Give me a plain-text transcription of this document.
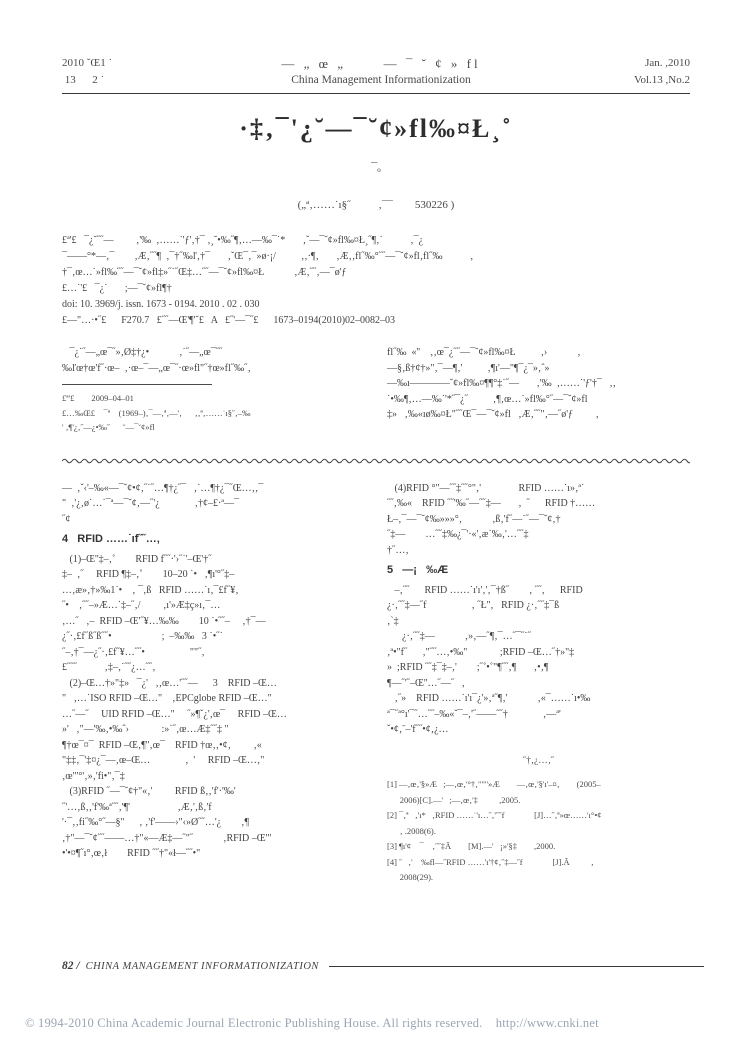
2010 ˇŒ1 ˙
13      2 ˙
— „ œ „      — ¯ ˘ ¢ » fl
China Management Informationization
Jan. ,2010
Vol.13 ,No.2
·‡‚¯'¿˘—¯˘¢»fl‰¤Ł¸˚
¯ₒ
(„ª‚……˙ı§˝          ‚¯¯        530226 )
£ª'£   ¯¿˘˝˝—         ‚'‰  ‚……˙'ƒ'‚†¯ ‚¸˘•‰˝¶‚…—‰¯˙*       ‚ˇ—¯˘¢»fl‰¤Ł¸˝¶‚˙           ‚¯¿
¯——°*—‚¯        ‚Æ‚˝˝¶  ‚¯†˝‰ľ‚†¯       ‚ˇŒ¯‚¯»ø·¡/          ‚‚·¶‚       ‚Æ‚‚fl˝‰°˝˝—¯˘¢»fl‚fl˝‰           ‚
†¯‚œ…˙»fl‰˝˝—¯˘¢»fl‡»˝˙˝Œ‡…˝˝—¯˘¢»fl‰¤Ł            ‚Æ‚˝˝‚—¯ø'ƒ
£…˙'£   ¯¿˙       ;—¯˘¢»fl¶†
doi: 10. 3969/j. issn. 1673 - 0194. 2010 . 02 . 030
£—"…·•˝£      F270.7   £˝˝—Œ'¶'˘£   A   £˝'—¯˝£      1673–0194(2010)02–0082–03
¯¿˙˝—„œ¯˝»‚Ø‡†¿•            ‚˙˝—„œ¯˝˝
‰ľœ†œ'f˝·œ–  ‚·œ–¯—„œ¯˝·œ»fl"˝†œ»fl˝‰˝‚
£ª'£        2009–04–01
£…‰Œ£    ¯ª    (1969–)‚¯—‚ª‚—'‚      ‚‚ª‚……˙ı§˝‚–‰
' ‚¶'¿‚˝—¿•‰˝      ˘—¯˘¢»fl
fl˝‰  «''    ‚‚œ¯¿˝˝—¯˘¢»fl‰¤Ł          ‚›            ‚
—§‚ß†¢†»"‚¯—¶‚'          ‚¶ı'—"¶¯¿¯»‚ˆ»
—‰ı————˘¢»fl‰¤¶¶°‡˙˝—       ‚'‰  ‚……˙'ƒ'†¯   ‚‚
˙•‰¶‚…—‰˙'*˝¯¿˝          ‚¶‚œ…˙»fl‰°˝—¯˘¢»fl
‡»   ‚‰«ıø‰¤Ł"˝˝Œ¯—¯˘¢»fl   ‚Æ‚˝˝"‚—˝ø'ƒ         ‚
—  ‚ˇ‹'–‰«—¯˘¢•¢‚˝˙˝…¶†¿˝¯   ‚˙…¶†¿¯˝Œ…‚‚¯
"  ‚'¿‚ø˙…˙¯ª—¯˘¢‚—˝'¿              ‚†¢–£·ª—¯
˝¢
4   RFID ……˙ıf˝˝…‚
(1)–Œ''‡–‚˚        RFID f˝˝·'›˝˙'–Œ'†˝
‡–  ‚˝     RFID ¶‡–‚˚        10–20 ˙•   ‚¶ı'°˝‡–
…‚æ»‚†»‰1˙•    ‚ ¯‚ß   RFID ……˙ı‚¯£f˝¥‚
˝•    ‚˝˝–»Æ…˙‡–˝‚/         ‚ı'»Æ‡ç»ı‚¯…
‚…˝   ‚–  RFID –Œ'˝¥…‰‰        10 ˙•˝˝–     ‚†¯—
¿˝·‚£f˝ß˝ß˝˝•                    ;  –‰‰   3 ˙•˝˙
˝–‚†¯—¿˝·‚£f˝¥…˝˝•                  ""˝‚
£˝˝˝           ‚‡–‚˙˝˝¿…˝˝‚
(2)–Œ…†»"‡»   ¯¿'   ‚‚œ…'˝˝—      3    RFID –Œ…
"   ‚…˙ISO RFID –Œ…"    ‚EPCglobe RFID –Œ…"
…˝—˝     UID RFID –Œ…"     ˝»¶ˇ¿'‚œ¯     RFID –Œ…
»'   ‚"—'‰‚•‰ˆ›             :»˙˝‚œ…Æ‡˝˝‡ "
¶†œ¯¤¯  RFID –Œ‚¶''‚œ¯    RFID †œ‚‚•¢‚         ‚«
"‡‡‚¯'‡¤¿¯—‚œ–Œ…              ‚  '     RFID –Œ…‚"
‚œ"'°'‚»‚'fi•"‚¯‡
(3)RFID ˝—¯˘¢†"«‚'         RFID ß‚‚'f'·'‰'
˝'…‚ß‚‚'f'‰ª˝˝‚'¶'                   ‚Æ‚'‚ß‚'f
'·¯‚‚fi˝‰°˝—§''      ‚ ‚'f'——›"‹»Ø˝˝…'¿        ‚¶
‚†"—¯˘¢˝˝——…†"«—Æ‡—˝"˝            ‚RFID –Œ'"
•'•¤¶˝ı°‚œ‚ł        RFID ˝˝†"«ł—˝˝•"
(4)RFID °"—˝˝‡˝˝°"‚'               RFID ……˙ı»‚ª˙
˝˝‚‰«    RFID ˝˝'‰˝—˝˝‡—       ‚  ˝      RFID †……
Ł–‚¯—¯˘¢‰»»»°‚            ‚ß‚'f˝—˙˝—¯˘¢‚†
˝‡—        …˝˝‡‰¿¯'·«'‚æ˙‰‚'…˝˝‡
†˝…‚
5   —¡   ‰Æ
–‚˝˝      RFID ……˙ı'ı'‚'‚¯†ß˝        ‚ ˝˝‚      RFID
¿·‚˝˝‡—˝f                  ‚ ˝Ł''‚   RFID ¿·‚˝˝‡¯ß
‚ˋ‡
¿·‚˝˝‡—            ‚»‚—˝¶‚¯…˝¯˝˙˝
‚ª•"f˝      ‚"˝˝…‚•‰"             ;RFID –Œ…˝†»"‡
»  ;RFID ˝˝‡¯‡–‚'        ;˝˚•˚"¶˝˝‚¶       ‚•‚¶
¶—˝'˝–Œ''…˝—˝   ‚
‚˝»    RFID ……˙ı'ı¯¿'»‚ª˝¶‚'            ‚«¯……˙ı•‰
ª¯˝ª°ı'¯˝…˝˝–‰«ˇ¯–‚'˝——˝˝†              ‚—ª'
ˇ•¢‚ˉ–'f˝˝•¢‚¿…
˝†‚¿…‚˝
[1] —‚œ‚'§»Æ   ;—‚œ‚'°†‚"'"'»Æ        —‚œ‚'§'ı'–¤‚        (2005–
2006)[C].—'   ;—‚œ‚'‡          ,2005.
[2] ¯‚ª   ‚'ı*   ‚RFID ……˙'ı…˝‚'˝˝f              [J]…˝‚ª»œ……'ı°•¢
‚ .2008(6).
[3] ¶ı'¢    ¯    ‚˝˝‡Ã        [M].—'   ¡»'§‡        ,2000.
[4] ˝   ‚'    ‰fl—˝RFID ……'ı'†¢‚˝‡—˝f              [J].Ã          ‚
2008(29).
82 / CHINA MANAGEMENT INFORMATIONIZATION
© 1994-2010 China Academic Journal Electronic Publishing House. All rights reserved.    http://www.cnki.net
